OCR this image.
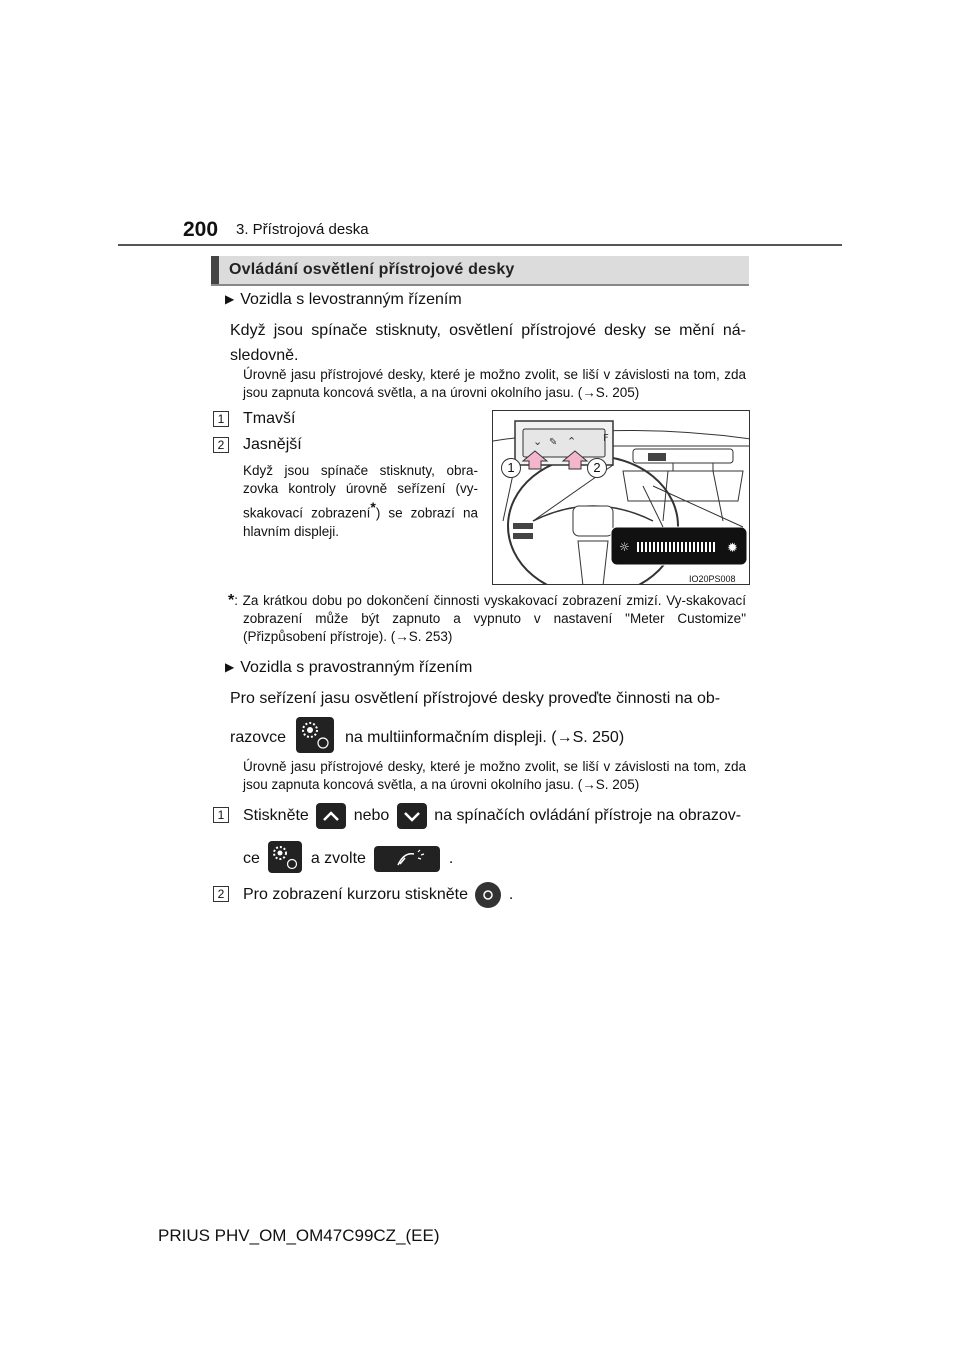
200 3. Přístrojová deska
Ovládání osvětlení přístrojové desky
▶ Vozidla s levostranným řízením
Když jsou spínače stisknuty, osvětlení přístrojové desky se mění ná-sledovně.
Úrovně jasu přístrojové desky, které je možno zvolit, se liší v závislosti na tom, zda jsou zapnuta koncová světla, a na úrovni okolního jasu. (→S. 205)
1 Tmavší
2 Jasnější
Když jsou spínače stisknuty, obra-zovka kontroly úrovně seřízení (vy-skakovací zobrazení*) se zobrazí na hlavním displeji.
⌄ ✎ ⌃	F
☼	✹
1	2
IO20PS008
*: Za krátkou dobu po dokončení činnosti vyskakovací zobrazení zmizí. Vy-skakovací zobrazení může být zapnuto a vypnuto v nastavení "Meter Customize" (Přizpůsobení přístroje). (→S. 253)
▶ Vozidla s pravostranným řízením
Pro seřízení jasu osvětlení přístrojové desky proveďte činnosti na ob-
razovce	na multiinformačním displeji. (→S. 250)
Úrovně jasu přístrojové desky, které je možno zvolit, se liší v závislosti na tom, zda jsou zapnuta koncová světla, a na úrovni okolního jasu. (→S. 205)
1 Stiskněte	nebo	na spínačích ovládání přístroje na obrazov-
ce	a zvolte	.
2 Pro zobrazení kurzoru stiskněte	.
PRIUS PHV_OM_OM47C99CZ_(EE)
